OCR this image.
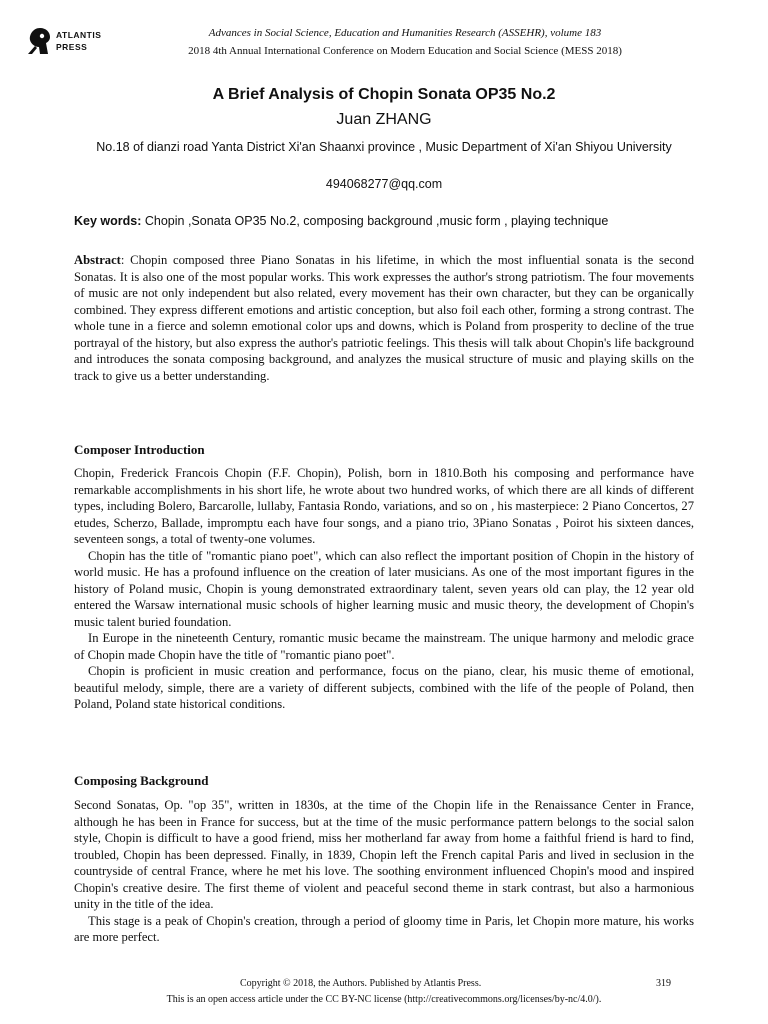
ATLANTIS PRESS
Advances in Social Science, Education and Humanities Research (ASSEHR), volume 183
2018 4th Annual International Conference on Modern Education and Social Science (MESS 2018)
A Brief Analysis of Chopin Sonata OP35 No.2
Juan ZHANG
No.18 of dianzi road Yanta District Xi'an Shaanxi province , Music Department of Xi'an Shiyou University
494068277@qq.com
Key words: Chopin ,Sonata OP35 No.2, composing background ,music form , playing technique

Abstract: Chopin composed three Piano Sonatas in his lifetime, in which the most influential sonata is the second Sonatas. It is also one of the most popular works. This work expresses the author's strong patriotism. The four movements of music are not only independent but also related, every movement has their own character, but they can be organically combined. They express different emotions and artistic conception, but also foil each other, forming a strong contrast. The whole tune in a fierce and solemn emotional color ups and downs, which is Poland from prosperity to decline of the true portrayal of the history, but also express the author's patriotic feelings. This thesis will talk about Chopin's life background and introduces the sonata composing background, and analyzes the musical structure of music and playing skills on the track to give us a better understanding.

Composer Introduction

Chopin, Frederick Francois Chopin (F.F. Chopin), Polish, born in 1810.Both his composing and performance have remarkable accomplishments in his short life, he wrote about two hundred works, of which there are all kinds of different types, including Bolero, Barcarolle, lullaby, Fantasia Rondo, variations, and so on , his masterpiece: 2 Piano Concertos, 27 etudes, Scherzo, Ballade, impromptu each have four songs, and a piano trio, 3Piano Sonatas , Poirot his sixteen dances, seventeen songs, a total of twenty-one volumes.

Chopin has the title of "romantic piano poet", which can also reflect the important position of Chopin in the history of world music. He has a profound influence on the creation of later musicians. As one of the most important figures in the history of Poland music, Chopin is young demonstrated extraordinary talent, seven years old can play, the 12 year old entered the Warsaw international music schools of higher learning music and music theory, the development of Chopin's music talent buried foundation.

In Europe in the nineteenth Century, romantic music became the mainstream. The unique harmony and melodic grace of Chopin made Chopin have the title of "romantic piano poet".

Chopin is proficient in music creation and performance, focus on the piano, clear, his music theme of emotional, beautiful melody, simple, there are a variety of different subjects, combined with the life of the people of Poland, then Poland, Poland state historical conditions.

Composing Background

Second Sonatas, Op. "op 35", written in 1830s, at the time of the Chopin life in the Renaissance Center in France, although he has been in France for success, but at the time of the music performance pattern belongs to the social salon style, Chopin is difficult to have a good friend, miss her motherland far away from home a faithful friend is hard to find, troubled, Chopin has been depressed. Finally, in 1839, Chopin left the French capital Paris and lived in seclusion in the countryside of central France, where he met his love. The soothing environment influenced Chopin's mood and inspired Chopin's creative desire. The first theme of violent and peaceful second theme in stark contrast, but also a harmonious unity in the title of the idea.

This stage is a peak of Chopin's creation, through a period of gloomy time in Paris, let Chopin more mature, his works are more perfect.

Copyright © 2018, the Authors. Published by Atlantis Press.	319
This is an open access article under the CC BY-NC license (http://creativecommons.org/licenses/by-nc/4.0/).
